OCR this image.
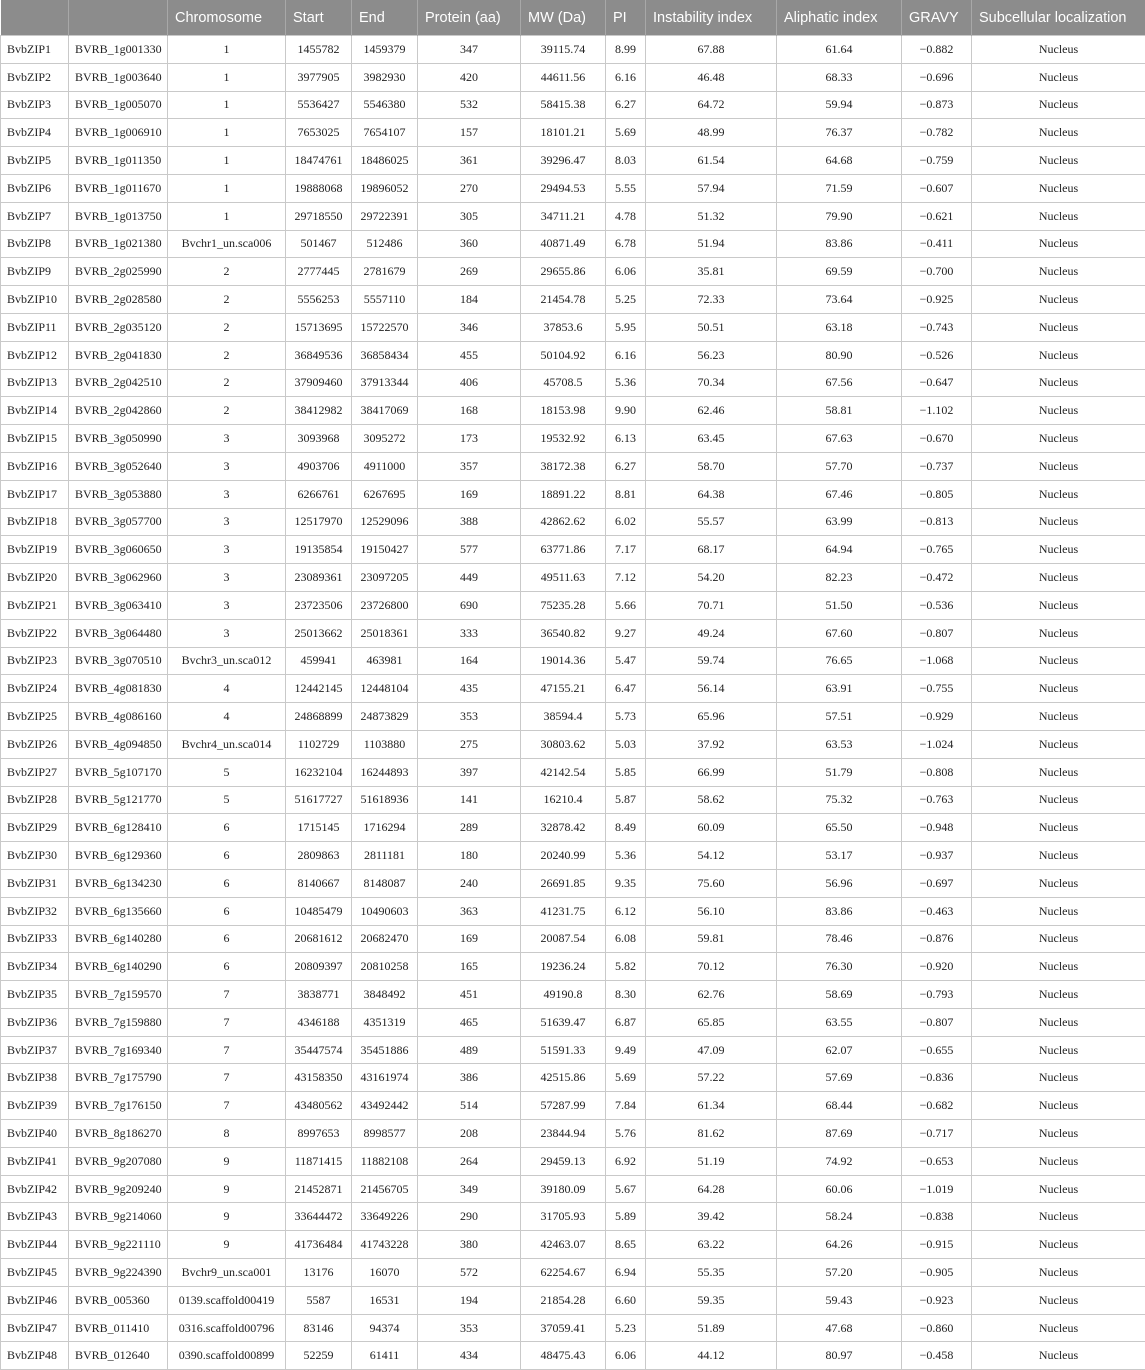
		Chromosome	Start	End	Protein (aa)	MW (Da)	PI	Instability index	Aliphatic index	GRAVY	Subcellular localization
BvbZIP1	BVRB_1g001330	1	1455782	1459379	347	39115.74	8.99	67.88	61.64	−0.882	Nucleus
BvbZIP2	BVRB_1g003640	1	3977905	3982930	420	44611.56	6.16	46.48	68.33	−0.696	Nucleus
BvbZIP3	BVRB_1g005070	1	5536427	5546380	532	58415.38	6.27	64.72	59.94	−0.873	Nucleus
BvbZIP4	BVRB_1g006910	1	7653025	7654107	157	18101.21	5.69	48.99	76.37	−0.782	Nucleus
BvbZIP5	BVRB_1g011350	1	18474761	18486025	361	39296.47	8.03	61.54	64.68	−0.759	Nucleus
BvbZIP6	BVRB_1g011670	1	19888068	19896052	270	29494.53	5.55	57.94	71.59	−0.607	Nucleus
BvbZIP7	BVRB_1g013750	1	29718550	29722391	305	34711.21	4.78	51.32	79.90	−0.621	Nucleus
BvbZIP8	BVRB_1g021380	Bvchr1_un.sca006	501467	512486	360	40871.49	6.78	51.94	83.86	−0.411	Nucleus
BvbZIP9	BVRB_2g025990	2	2777445	2781679	269	29655.86	6.06	35.81	69.59	−0.700	Nucleus
BvbZIP10	BVRB_2g028580	2	5556253	5557110	184	21454.78	5.25	72.33	73.64	−0.925	Nucleus
BvbZIP11	BVRB_2g035120	2	15713695	15722570	346	37853.6	5.95	50.51	63.18	−0.743	Nucleus
BvbZIP12	BVRB_2g041830	2	36849536	36858434	455	50104.92	6.16	56.23	80.90	−0.526	Nucleus
BvbZIP13	BVRB_2g042510	2	37909460	37913344	406	45708.5	5.36	70.34	67.56	−0.647	Nucleus
BvbZIP14	BVRB_2g042860	2	38412982	38417069	168	18153.98	9.90	62.46	58.81	−1.102	Nucleus
BvbZIP15	BVRB_3g050990	3	3093968	3095272	173	19532.92	6.13	63.45	67.63	−0.670	Nucleus
BvbZIP16	BVRB_3g052640	3	4903706	4911000	357	38172.38	6.27	58.70	57.70	−0.737	Nucleus
BvbZIP17	BVRB_3g053880	3	6266761	6267695	169	18891.22	8.81	64.38	67.46	−0.805	Nucleus
BvbZIP18	BVRB_3g057700	3	12517970	12529096	388	42862.62	6.02	55.57	63.99	−0.813	Nucleus
BvbZIP19	BVRB_3g060650	3	19135854	19150427	577	63771.86	7.17	68.17	64.94	−0.765	Nucleus
BvbZIP20	BVRB_3g062960	3	23089361	23097205	449	49511.63	7.12	54.20	82.23	−0.472	Nucleus
BvbZIP21	BVRB_3g063410	3	23723506	23726800	690	75235.28	5.66	70.71	51.50	−0.536	Nucleus
BvbZIP22	BVRB_3g064480	3	25013662	25018361	333	36540.82	9.27	49.24	67.60	−0.807	Nucleus
BvbZIP23	BVRB_3g070510	Bvchr3_un.sca012	459941	463981	164	19014.36	5.47	59.74	76.65	−1.068	Nucleus
BvbZIP24	BVRB_4g081830	4	12442145	12448104	435	47155.21	6.47	56.14	63.91	−0.755	Nucleus
BvbZIP25	BVRB_4g086160	4	24868899	24873829	353	38594.4	5.73	65.96	57.51	−0.929	Nucleus
BvbZIP26	BVRB_4g094850	Bvchr4_un.sca014	1102729	1103880	275	30803.62	5.03	37.92	63.53	−1.024	Nucleus
BvbZIP27	BVRB_5g107170	5	16232104	16244893	397	42142.54	5.85	66.99	51.79	−0.808	Nucleus
BvbZIP28	BVRB_5g121770	5	51617727	51618936	141	16210.4	5.87	58.62	75.32	−0.763	Nucleus
BvbZIP29	BVRB_6g128410	6	1715145	1716294	289	32878.42	8.49	60.09	65.50	−0.948	Nucleus
BvbZIP30	BVRB_6g129360	6	2809863	2811181	180	20240.99	5.36	54.12	53.17	−0.937	Nucleus
BvbZIP31	BVRB_6g134230	6	8140667	8148087	240	26691.85	9.35	75.60	56.96	−0.697	Nucleus
BvbZIP32	BVRB_6g135660	6	10485479	10490603	363	41231.75	6.12	56.10	83.86	−0.463	Nucleus
BvbZIP33	BVRB_6g140280	6	20681612	20682470	169	20087.54	6.08	59.81	78.46	−0.876	Nucleus
BvbZIP34	BVRB_6g140290	6	20809397	20810258	165	19236.24	5.82	70.12	76.30	−0.920	Nucleus
BvbZIP35	BVRB_7g159570	7	3838771	3848492	451	49190.8	8.30	62.76	58.69	−0.793	Nucleus
BvbZIP36	BVRB_7g159880	7	4346188	4351319	465	51639.47	6.87	65.85	63.55	−0.807	Nucleus
BvbZIP37	BVRB_7g169340	7	35447574	35451886	489	51591.33	9.49	47.09	62.07	−0.655	Nucleus
BvbZIP38	BVRB_7g175790	7	43158350	43161974	386	42515.86	5.69	57.22	57.69	−0.836	Nucleus
BvbZIP39	BVRB_7g176150	7	43480562	43492442	514	57287.99	7.84	61.34	68.44	−0.682	Nucleus
BvbZIP40	BVRB_8g186270	8	8997653	8998577	208	23844.94	5.76	81.62	87.69	−0.717	Nucleus
BvbZIP41	BVRB_9g207080	9	11871415	11882108	264	29459.13	6.92	51.19	74.92	−0.653	Nucleus
BvbZIP42	BVRB_9g209240	9	21452871	21456705	349	39180.09	5.67	64.28	60.06	−1.019	Nucleus
BvbZIP43	BVRB_9g214060	9	33644472	33649226	290	31705.93	5.89	39.42	58.24	−0.838	Nucleus
BvbZIP44	BVRB_9g221110	9	41736484	41743228	380	42463.07	8.65	63.22	64.26	−0.915	Nucleus
BvbZIP45	BVRB_9g224390	Bvchr9_un.sca001	13176	16070	572	62254.67	6.94	55.35	57.20	−0.905	Nucleus
BvbZIP46	BVRB_005360	0139.scaffold00419	5587	16531	194	21854.28	6.60	59.35	59.43	−0.923	Nucleus
BvbZIP47	BVRB_011410	0316.scaffold00796	83146	94374	353	37059.41	5.23	51.89	47.68	−0.860	Nucleus
BvbZIP48	BVRB_012640	0390.scaffold00899	52259	61411	434	48475.43	6.06	44.12	80.97	−0.458	Nucleus
